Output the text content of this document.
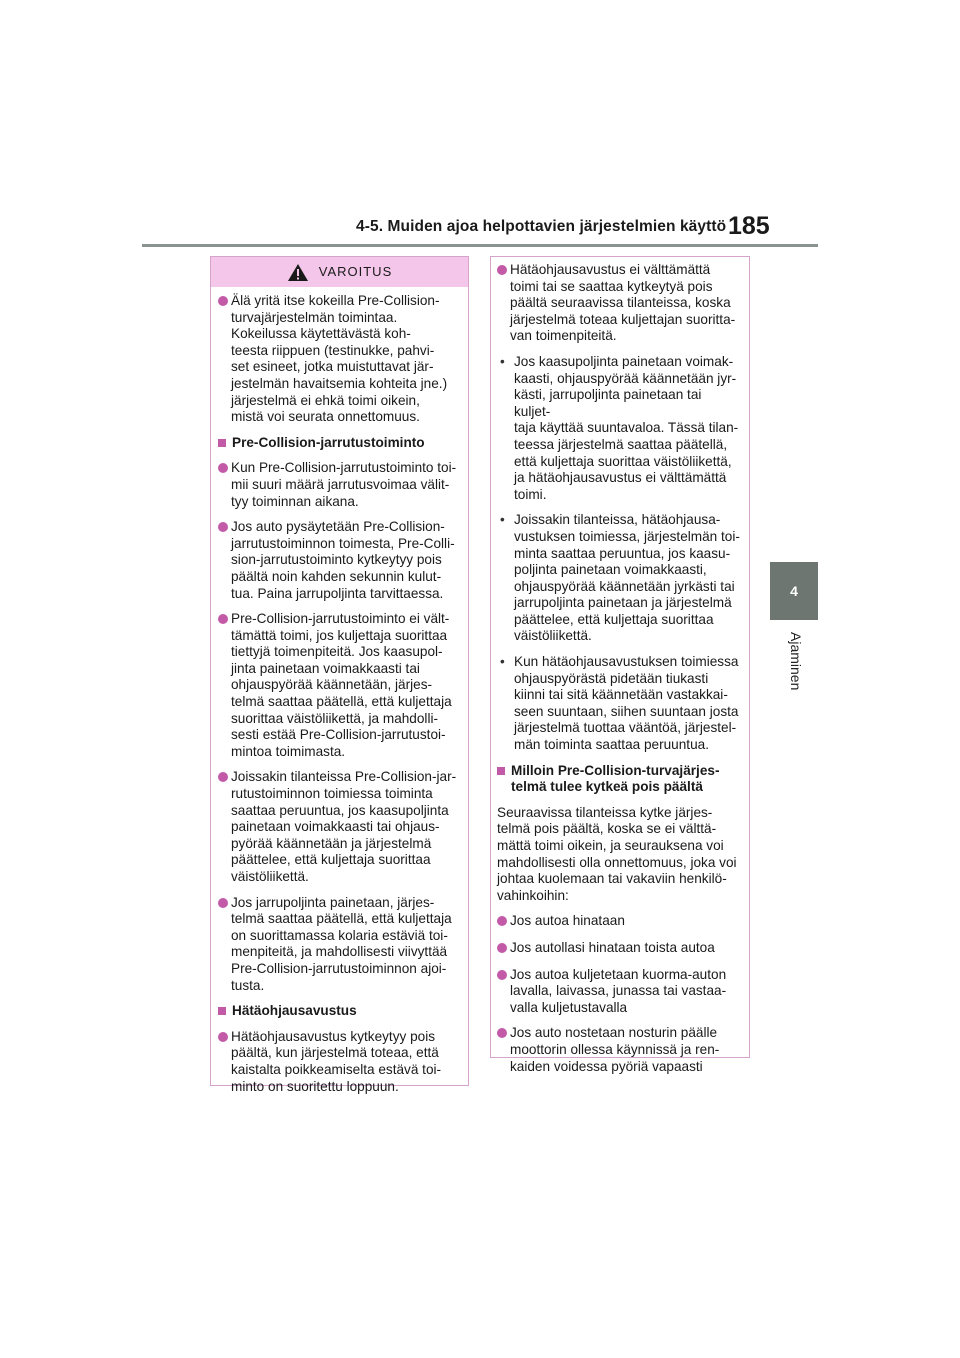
4-5. Muiden ajoa helpottavien järjestelmien käyttö 185
4
Ajaminen
VAROITUS
Älä yritä itse kokeilla Pre-Collision-
turvajärjestelmän toimintaa.
Kokeilussa käytettävästä koh-
teesta riippuen (testinukke, pahvi-
set esineet, jotka muistuttavat jär-
jestelmän havaitsemia kohteita jne.)
järjestelmä ei ehkä toimi oikein,
mistä voi seurata onnettomuus.
Pre-Collision-jarrutustoiminto
Kun Pre-Collision-jarrutustoiminto toi-
mii suuri määrä jarrutusvoimaa välit-
tyy toiminnan aikana.
Jos auto pysäytetään Pre-Collision-
jarrutustoiminnon toimesta, Pre-Colli-
sion-jarrutustoiminto kytkeytyy pois
päältä noin kahden sekunnin kulut-
tua. Paina jarrupoljinta tarvittaessa.
Pre-Collision-jarrutustoiminto ei vält-
tämättä toimi, jos kuljettaja suorittaa
tiettyjä toimenpiteitä. Jos kaasupol-
jinta painetaan voimakkaasti tai
ohjauspyörää käännetään, järjes-
telmä saattaa päätellä, että kuljettaja
suorittaa väistöliikettä, ja mahdolli-
sesti estää Pre-Collision-jarrutustoi-
mintoa toimimasta.
Joissakin tilanteissa Pre-Collision-jar-
rutustoiminnon toimiessa toiminta
saattaa peruuntua, jos kaasupoljinta
painetaan voimakkaasti tai ohjaus-
pyörää käännetään ja järjestelmä
päättelee, että kuljettaja suorittaa
väistöliikettä.
Jos jarrupoljinta painetaan, järjes-
telmä saattaa päätellä, että kuljettaja
on suorittamassa kolaria estäviä toi-
menpiteitä, ja mahdollisesti viivyttää
Pre-Collision-jarrutustoiminnon ajoi-
tusta.
Hätäohjausavustus
Hätäohjausavustus kytkeytyy pois
päältä, kun järjestelmä toteaa, että
kaistalta poikkeamiselta estävä toi-
minto on suoritettu loppuun.
Hätäohjausavustus ei välttämättä
toimi tai se saattaa kytkeytyä pois
päältä seuraavissa tilanteissa, koska
järjestelmä toteaa kuljettajan suoritta-
van toimenpiteitä.
• Jos kaasupoljinta painetaan voimak-
kaasti, ohjauspyörää käännetään jyr-
kästi, jarrupoljinta painetaan tai kuljet-
taja käyttää suuntavaloa. Tässä tilan-
teessa järjestelmä saattaa päätellä,
että kuljettaja suorittaa väistöliikettä,
ja hätäohjausavustus ei välttämättä
toimi.
• Joissakin tilanteissa, hätäohjausa-
vustuksen toimiessa, järjestelmän toi-
minta saattaa peruuntua, jos kaasu-
poljinta painetaan voimakkaasti,
ohjauspyörää käännetään jyrkästi tai
jarrupoljinta painetaan ja järjestelmä
päättelee, että kuljettaja suorittaa
väistöliikettä.
• Kun hätäohjausavustuksen toimiessa
ohjauspyörästä pidetään tiukasti
kiinni tai sitä käännetään vastakkai-
seen suuntaan, siihen suuntaan josta
järjestelmä tuottaa vääntöä, järjestel-
män toiminta saattaa peruuntua.
Milloin Pre-Collision-turvajärjes-
telmä tulee kytkeä pois päältä
Seuraavissa tilanteissa kytke järjes-
telmä pois päältä, koska se ei välttä-
mättä toimi oikein, ja seurauksena voi
mahdollisesti olla onnettomuus, joka voi
johtaa kuolemaan tai vakaviin henkilö-
vahinkoihin:
Jos autoa hinataan
Jos autollasi hinataan toista autoa
Jos autoa kuljetetaan kuorma-auton
lavalla, laivassa, junassa tai vastaa-
valla kuljetustavalla
Jos auto nostetaan nosturin päälle
moottorin ollessa käynnissä ja ren-
kaiden voidessa pyöriä vapaasti
